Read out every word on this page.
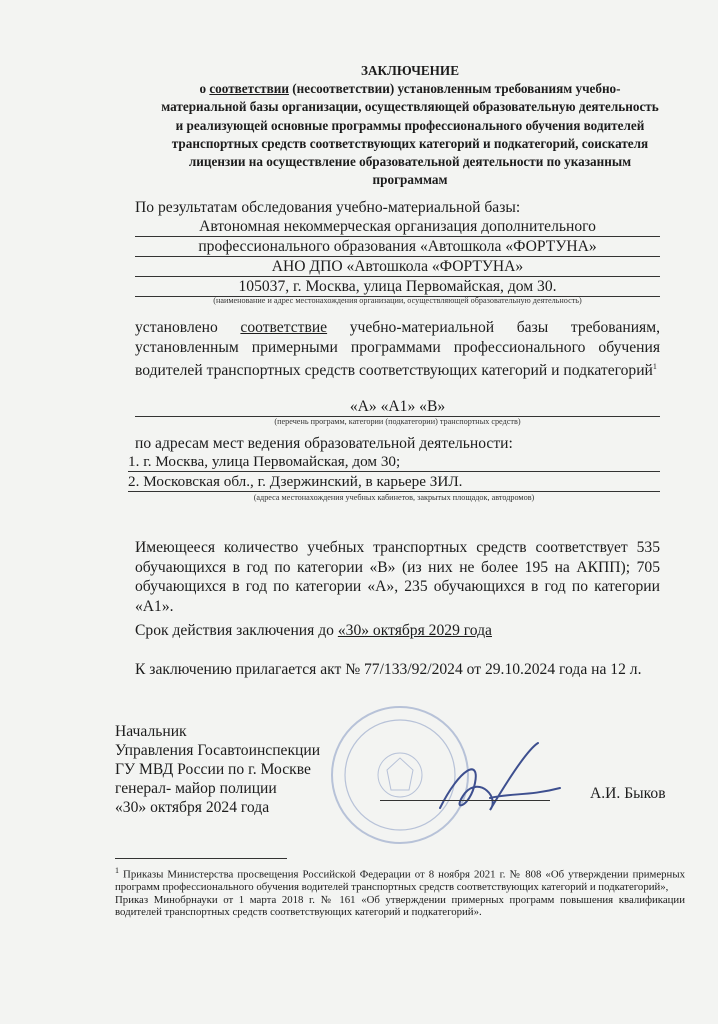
ЗАКЛЮЧЕНИЕ
о соответствии (несоответствии) установленным требованиям учебно-
материальной базы организации, осуществляющей образовательную деятельность
и реализующей основные программы профессионального обучения водителей
транспортных средств соответствующих категорий и подкатегорий, соискателя
лицензии на осуществление образовательной деятельности по указанным
программам
По результатам обследования учебно-материальной базы:
Автономная некоммерческая организация дополнительного
профессионального образования «Автошкола «ФОРТУНА»
АНО ДПО «Автошкола «ФОРТУНА»
105037, г. Москва, улица Первомайская, дом 30.
(наименование и адрес местонахождения организации, осуществляющей образовательную деятельность)
установлено соответствие учебно-материальной базы требованиям, установленным примерными программами профессионального обучения водителей транспортных средств соответствующих категорий и подкатегорий$^1$
«А» «А1» «В»
(перечень программ, категории (подкатегории) транспортных средств)
по адресам мест ведения образовательной деятельности:
1. г. Москва, улица Первомайская, дом 30;
2. Московская обл., г. Дзержинский, в карьере ЗИЛ.
(адреса местонахождения учебных кабинетов, закрытых площадок, автодромов)
Имеющееся количество учебных транспортных средств соответствует 535 обучающихся в год по категории «В» (из них не более 195 на АКПП); 705 обучающихся в год по категории «А», 235 обучающихся в год по категории «А1».
Срок действия заключения до «30» октября 2029 года
К заключению прилагается акт № 77/133/92/2024 от 29.10.2024 года на 12 л.
Начальник
Управления Госавтоинспекции
ГУ МВД России по г. Москве
генерал- майор полиции
«30» октября 2024 года
А.И. Быков
$^1$ Приказы Министерства просвещения Российской Федерации от 8 ноября 2021 г. № 808 «Об утверждении примерных программ профессионального обучения водителей транспортных средств соответствующих категорий и подкатегорий»,
Приказ Минобрнауки от 1 марта 2018 г. № 161 «Об утверждении примерных программ повышения квалификации водителей транспортных средств соответствующих категорий и подкатегорий».
